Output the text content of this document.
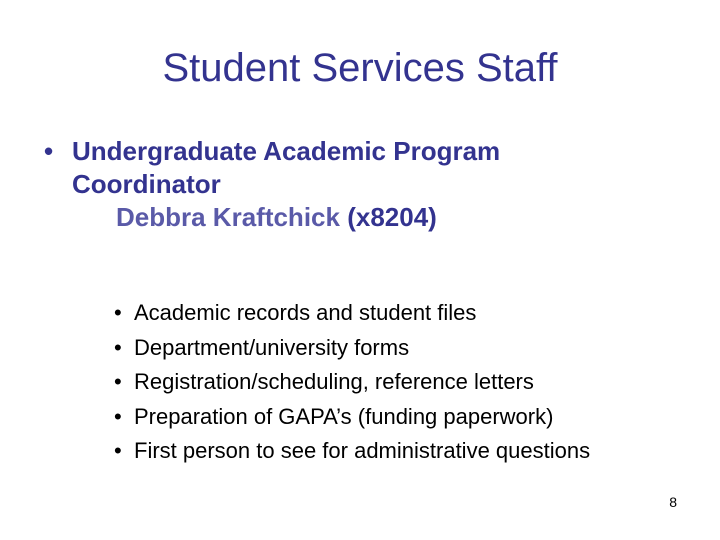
Student Services Staff
• Undergraduate Academic Program
Coordinator
Debbra Kraftchick (x8204)
• Academic records and student files
• Department/university forms
• Registration/scheduling, reference letters
• Preparation of GAPA’s (funding paperwork)
• First person to see for administrative questions
8
